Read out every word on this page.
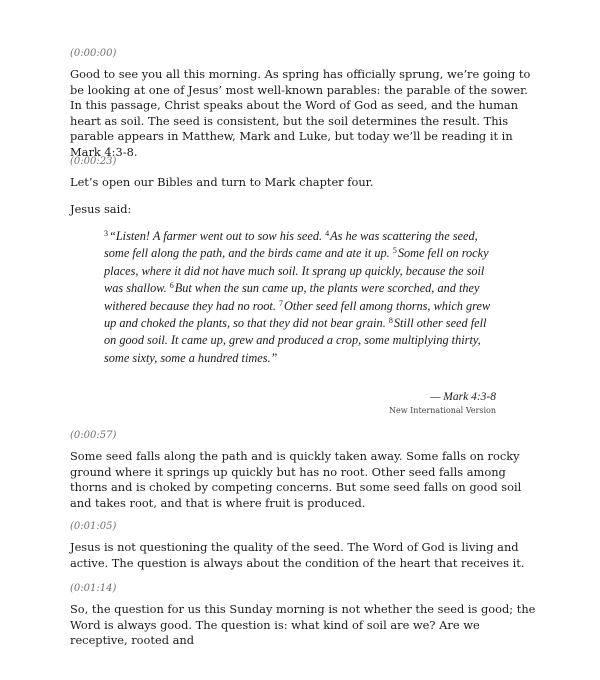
(0:00:00)

Good to see you all this morning. As spring has officially sprung, we’re going to be looking at one of Jesus’ most well-known parables: the parable of the sower. In this passage, Christ speaks about the Word of God as seed, and the human heart as soil. The seed is consistent, but the soil determines the result. This parable appears in Matthew, Mark and Luke, but today we’ll be reading it in Mark 4:3-8.

(0:00:23)

Let’s open our Bibles and turn to Mark chapter four.

Jesus said:

$^3$“Listen! A farmer went out to sow his seed. $^4$As he was scattering the seed, some fell along the path, and the birds came and ate it up. $^5$Some fell on rocky places, where it did not have much soil. It sprang up quickly, because the soil was shallow. $^6$But when the sun came up, the plants were scorched, and they withered because they had no root. $^7$Other seed fell among thorns, which grew up and choked the plants, so that they did not bear grain. $^8$Still other seed fell on good soil. It came up, grew and produced a crop, some multiplying thirty, some sixty, some a hundred times.”
— Mark 4:3-8
New International Version
(0:00:57)

Some seed falls along the path and is quickly taken away. Some falls on rocky ground where it springs up quickly but has no root. Other seed falls among thorns and is choked by competing concerns. But some seed falls on good soil and takes root, and that is where fruit is produced.

(0:01:05)

Jesus is not questioning the quality of the seed. The Word of God is living and active. The question is always about the condition of the heart that receives it.

(0:01:14)

So, the question for us this Sunday morning is not whether the seed is good; the Word is always good. The question is: what kind of soil are we? Are we receptive, rooted and
